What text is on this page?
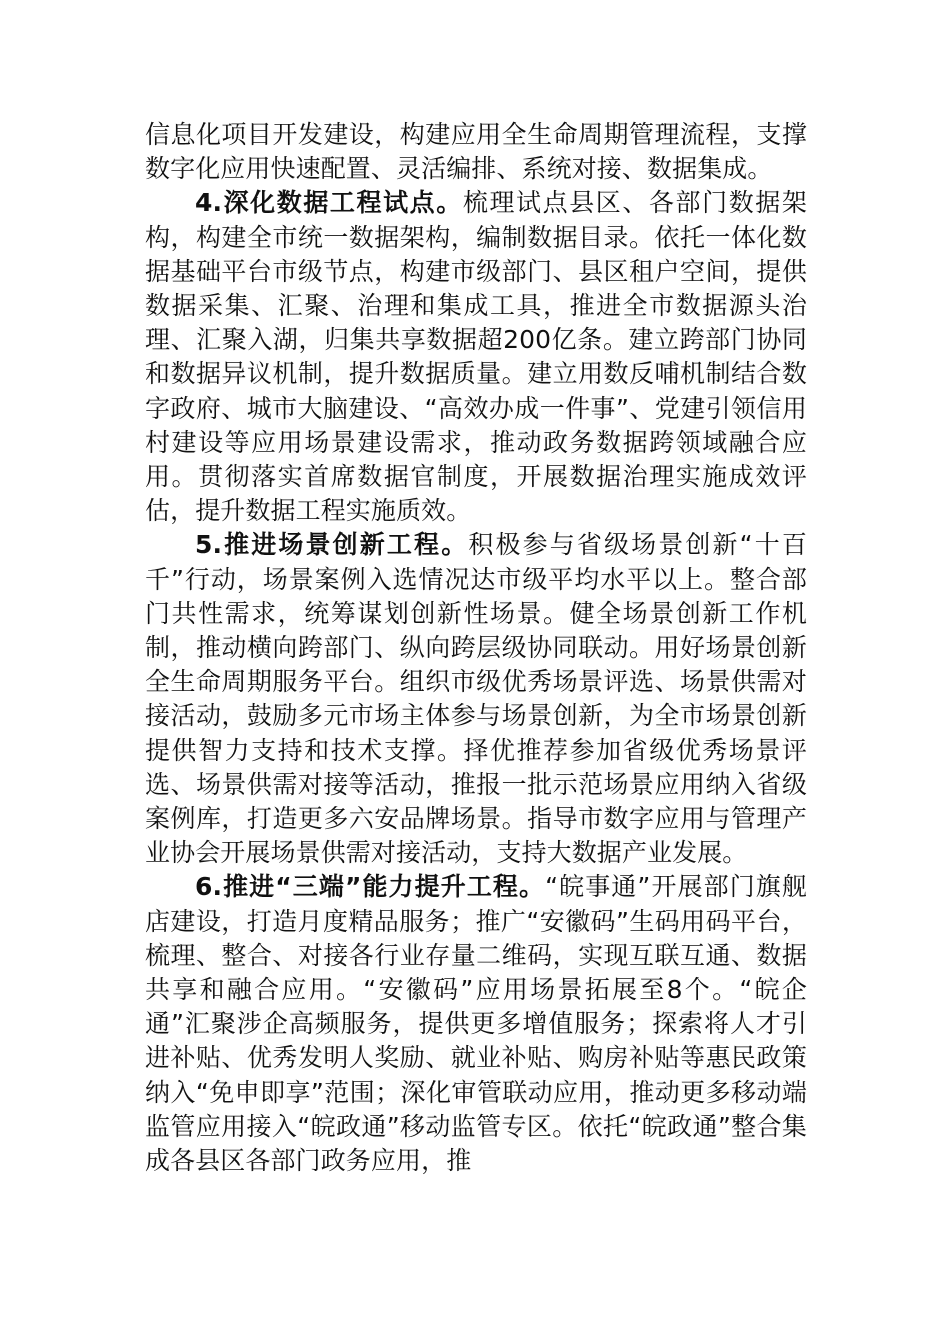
信息化项目开发建设，构建应用全生命周期管理流程，支撑数字化应用快速配置、灵活编排、系统对接、数据集成。

4.深化数据工程试点。梳理试点县区、各部门数据架构，构建全市统一数据架构，编制数据目录。依托一体化数据基础平台市级节点，构建市级部门、县区租户空间，提供数据采集、汇聚、治理和集成工具，推进全市数据源头治理、汇聚入湖，归集共享数据超200亿条。建立跨部门协同和数据异议机制，提升数据质量。建立用数反哺机制结合数字政府、城市大脑建设、“高效办成一件事”、党建引领信用村建设等应用场景建设需求，推动政务数据跨领域融合应用。贯彻落实首席数据官制度，开展数据治理实施成效评估，提升数据工程实施质效。

5.推进场景创新工程。积极参与省级场景创新“十百千”行动，场景案例入选情况达市级平均水平以上。整合部门共性需求，统筹谋划创新性场景。健全场景创新工作机制，推动横向跨部门、纵向跨层级协同联动。用好场景创新全生命周期服务平台。组织市级优秀场景评选、场景供需对接活动，鼓励多元市场主体参与场景创新，为全市场景创新提供智力支持和技术支撑。择优推荐参加省级优秀场景评选、场景供需对接等活动，推报一批示范场景应用纳入省级案例库，打造更多六安品牌场景。指导市数字应用与管理产业协会开展场景供需对接活动，支持大数据产业发展。

6.推进“三端”能力提升工程。“皖事通”开展部门旗舰店建设，打造月度精品服务；推广“安徽码”生码用码平台，梳理、整合、对接各行业存量二维码，实现互联互通、数据共享和融合应用。“安徽码”应用场景拓展至8个。“皖企通”汇聚涉企高频服务，提供更多增值服务；探索将人才引进补贴、优秀发明人奖励、就业补贴、购房补贴等惠民政策纳入“免申即享”范围；深化审管联动应用，推动更多移动端监管应用接入“皖政通”移动监管专区。依托“皖政通”整合集成各县区各部门政务应用，推
